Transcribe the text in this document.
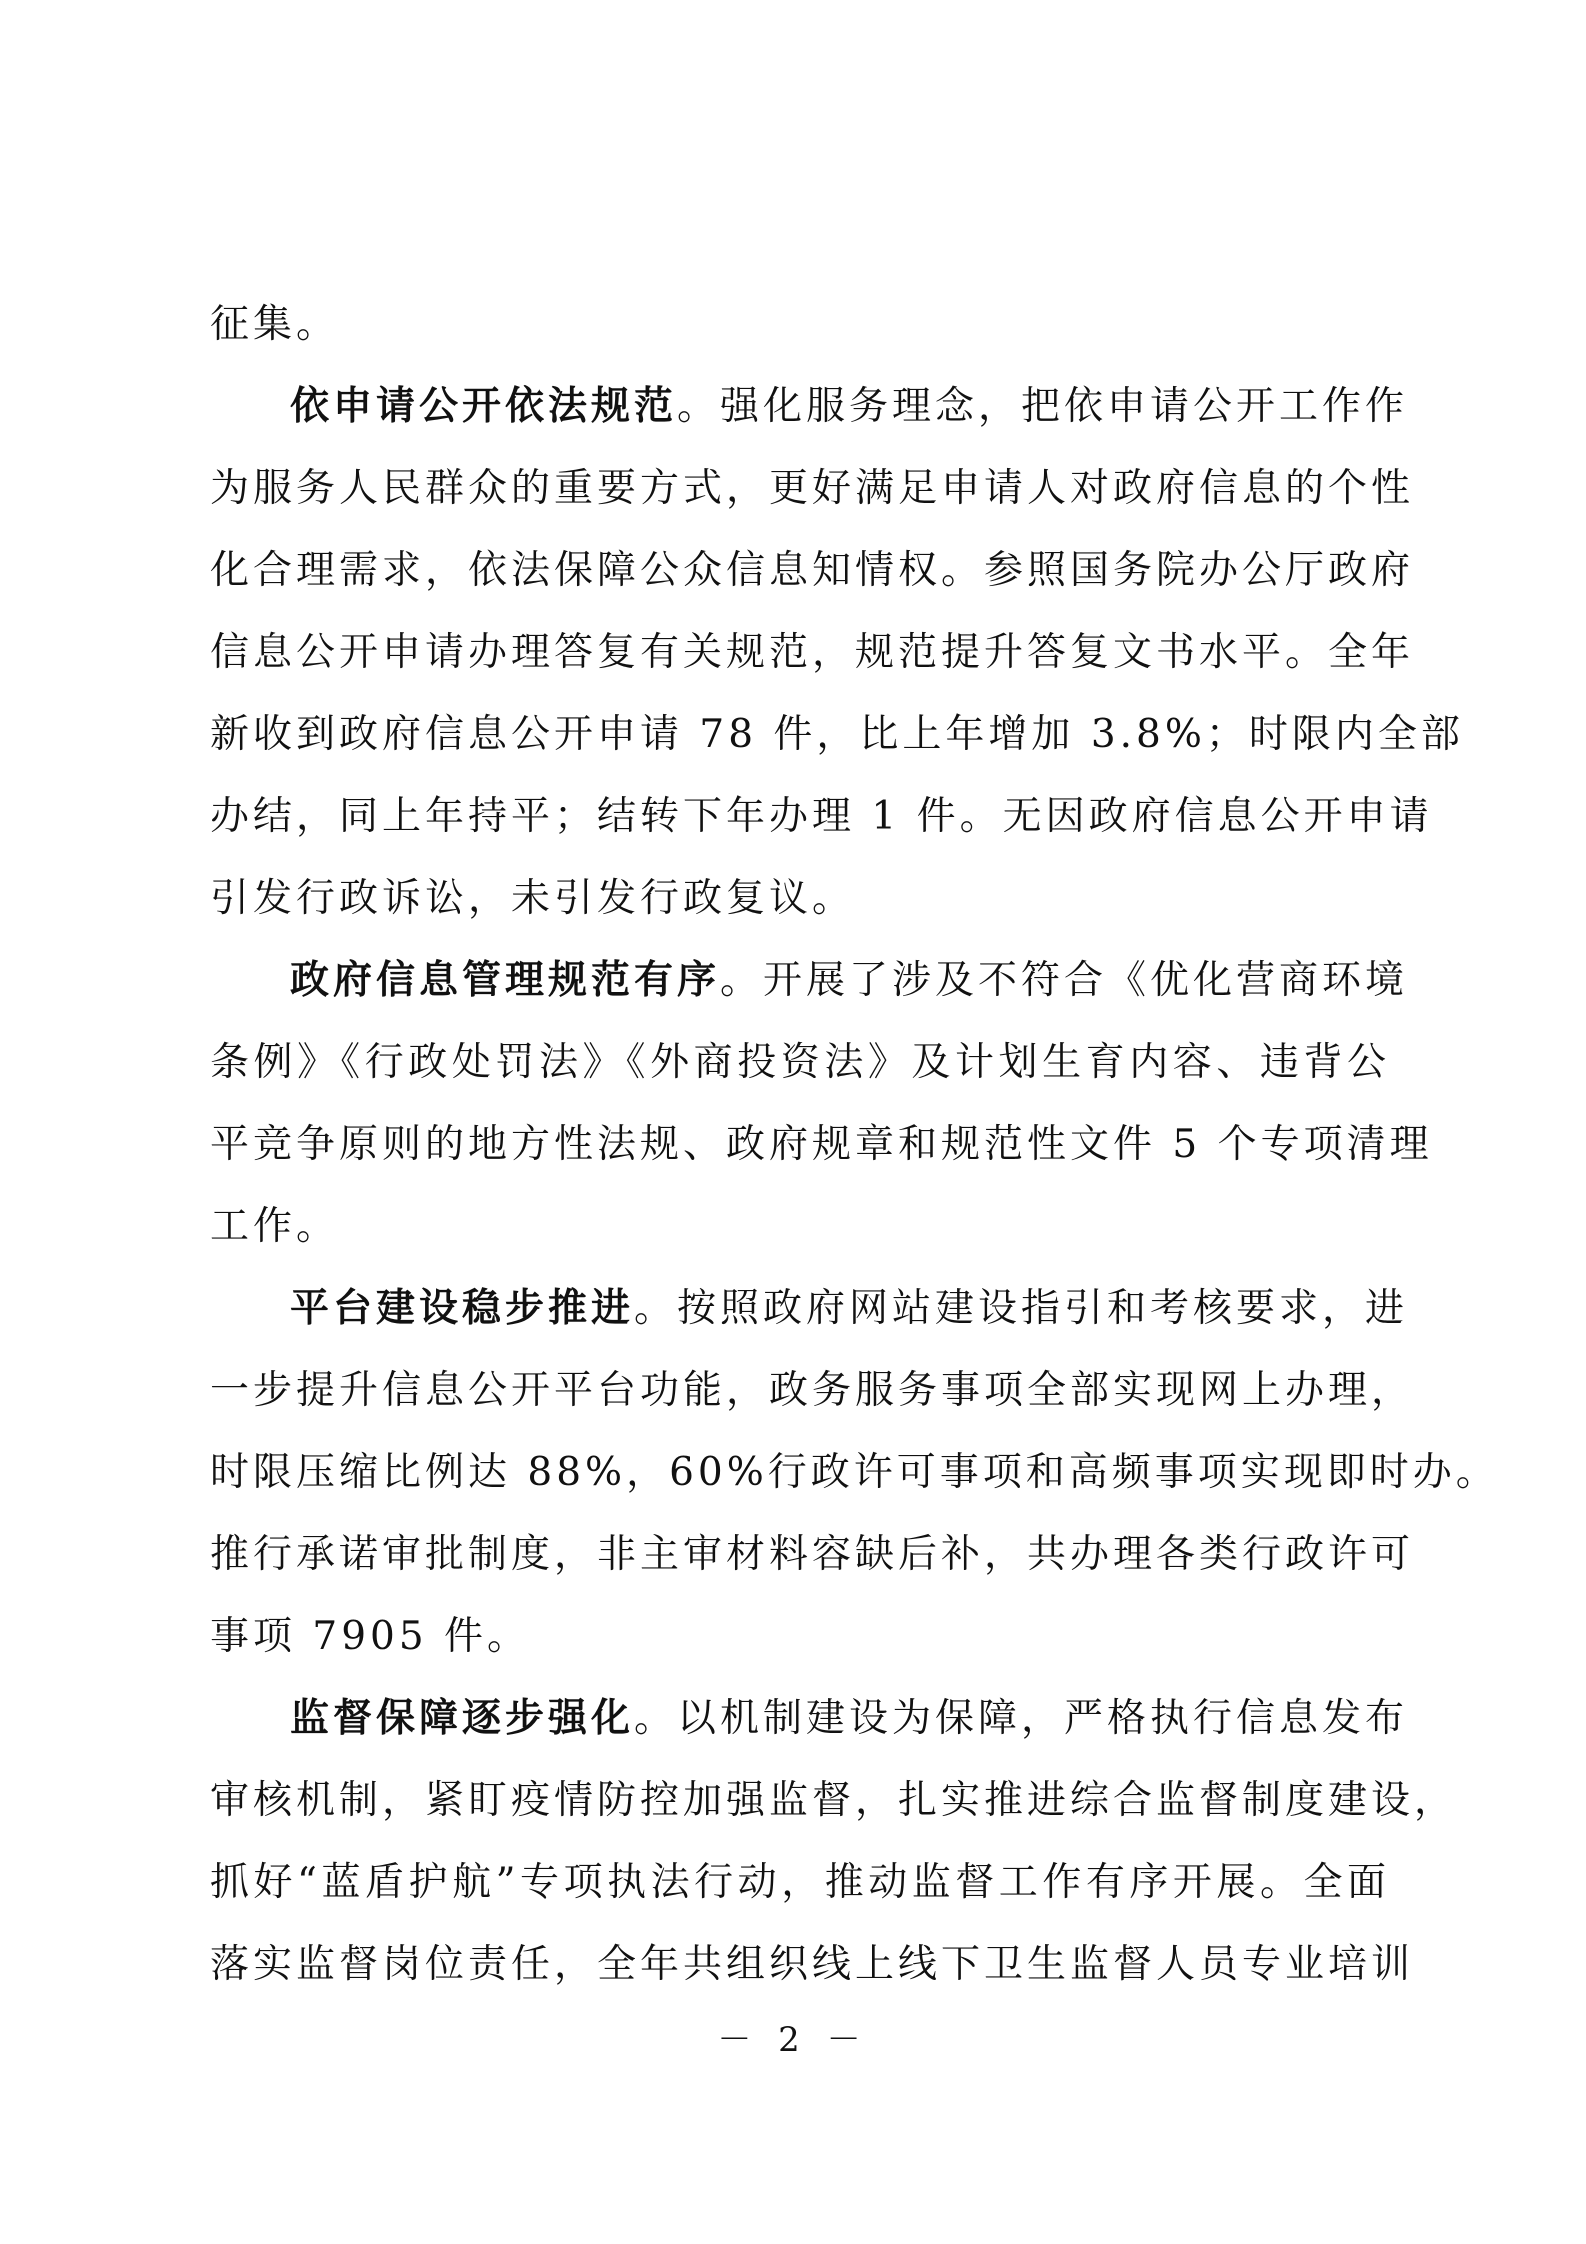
征集。
依申请公开依法规范。强化服务理念，把依申请公开工作作
为服务人民群众的重要方式，更好满足申请人对政府信息的个性
化合理需求，依法保障公众信息知情权。参照国务院办公厅政府
信息公开申请办理答复有关规范，规范提升答复文书水平。全年
新收到政府信息公开申请 78 件，比上年增加 3.8%；时限内全部
办结，同上年持平；结转下年办理 1 件。无因政府信息公开申请
引发行政诉讼，未引发行政复议。
政府信息管理规范有序。开展了涉及不符合《优化营商环境
条例》《行政处罚法》《外商投资法》及计划生育内容、违背公
平竞争原则的地方性法规、政府规章和规范性文件 5 个专项清理
工作。
平台建设稳步推进。按照政府网站建设指引和考核要求，进
一步提升信息公开平台功能，政务服务事项全部实现网上办理，
时限压缩比例达 88%，60%行政许可事项和高频事项实现即时办。
推行承诺审批制度，非主审材料容缺后补，共办理各类行政许可
事项 7905 件。
监督保障逐步强化。以机制建设为保障，严格执行信息发布
审核机制，紧盯疫情防控加强监督，扎实推进综合监督制度建设，
抓好“蓝盾护航”专项执法行动，推动监督工作有序开展。全面
落实监督岗位责任，全年共组织线上线下卫生监督人员专业培训
－ 2 －
